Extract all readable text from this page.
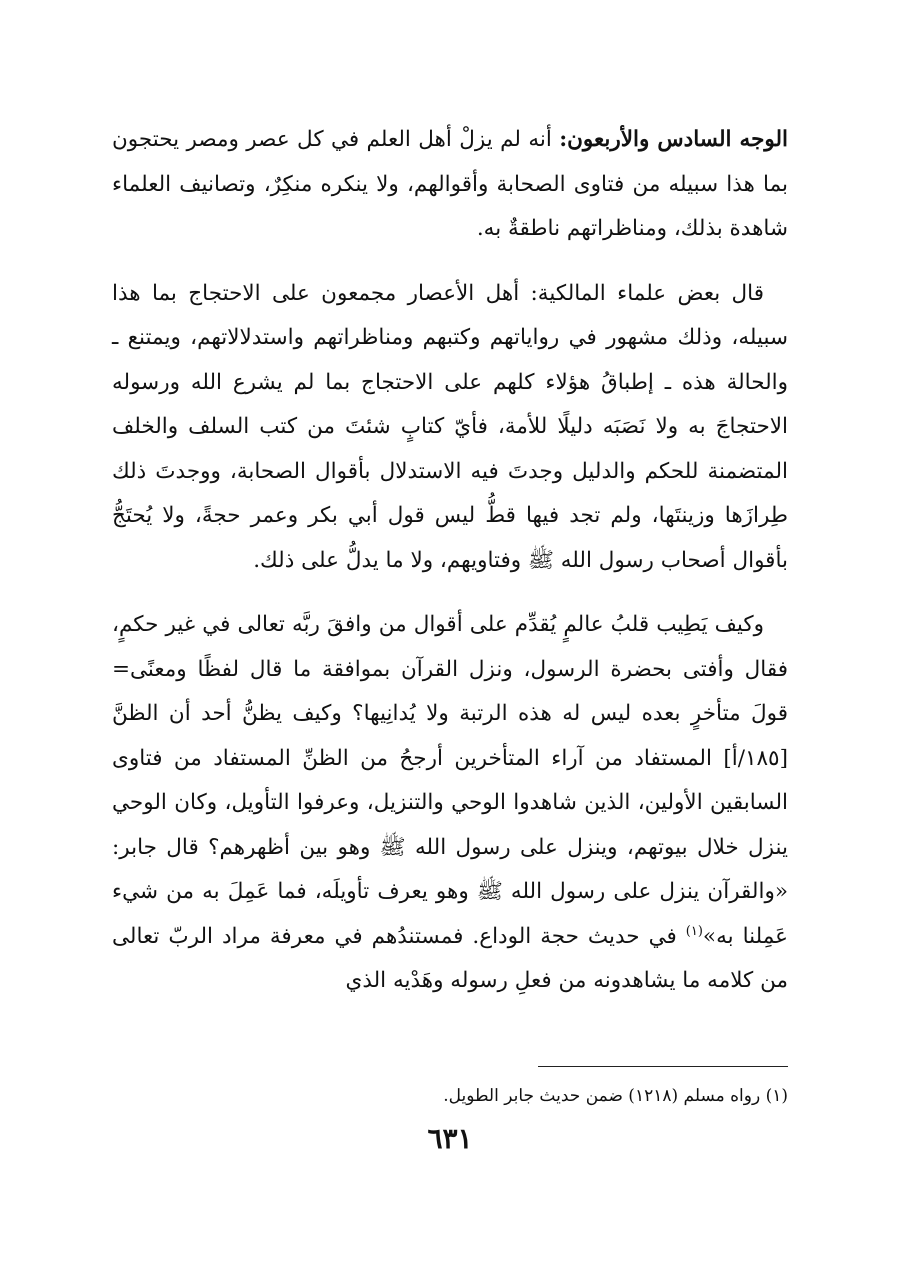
الوجه السادس والأربعون: أنه لم يزلْ أهل العلم في كل عصر ومصر يحتجون بما هذا سبيله من فتاوى الصحابة وأقوالهم، ولا ينكره منكِرٌ، وتصانيف العلماء شاهدة بذلك، ومناظراتهم ناطقةٌ به.

قال بعض علماء المالكية: أهل الأعصار مجمعون على الاحتجاج بما هذا سبيله، وذلك مشهور في رواياتهم وكتبهم ومناظراتهم واستدلالاتهم، ويمتنع ـ والحالة هذه ـ إطباقُ هؤلاء كلهم على الاحتجاج بما لم يشرع الله ورسوله الاحتجاجَ به ولا نَصَبَه دليلًا للأمة، فأيّ كتابٍ شئتَ من كتب السلف والخلف المتضمنة للحكم والدليل وجدتَ فيه الاستدلال بأقوال الصحابة، ووجدتَ ذلك طِرازَها وزينتَها، ولم تجد فيها قطُّ ليس قول أبي بكر وعمر حجةً، ولا يُحتَجُّ بأقوال أصحاب رسول الله ﷺ وفتاويهم، ولا ما يدلُّ على ذلك.

وكيف يَطِيب قلبُ عالمٍ يُقدِّم على أقوال من وافقَ ربَّه تعالى في غير حكمٍ، فقال وأفتى بحضرة الرسول، ونزل القرآن بموافقة ما قال لفظًا ومعنًى= قولَ متأخرٍ بعده ليس له هذه الرتبة ولا يُدانِيها؟ وكيف يظنُّ أحد أن الظنَّ [١٨٥/أ] المستفاد من آراء المتأخرين أرجحُ من الظنِّ المستفاد من فتاوى السابقين الأولين، الذين شاهدوا الوحي والتنزيل، وعرفوا التأويل، وكان الوحي ينزل خلال بيوتهم، وينزل على رسول الله ﷺ وهو بين أظهرهم؟ قال جابر: «والقرآن ينزل على رسول الله ﷺ وهو يعرف تأويلَه، فما عَمِلَ به من شيء عَمِلنا به»$^{(١)}$ في حديث حجة الوداع. فمستندُهم في معرفة مراد الربّ تعالى من كلامه ما يشاهدونه من فعلِ رسوله وهَدْيه الذي

(١) رواه مسلم (١٢١٨) ضمن حديث جابر الطويل.
٦٣١
